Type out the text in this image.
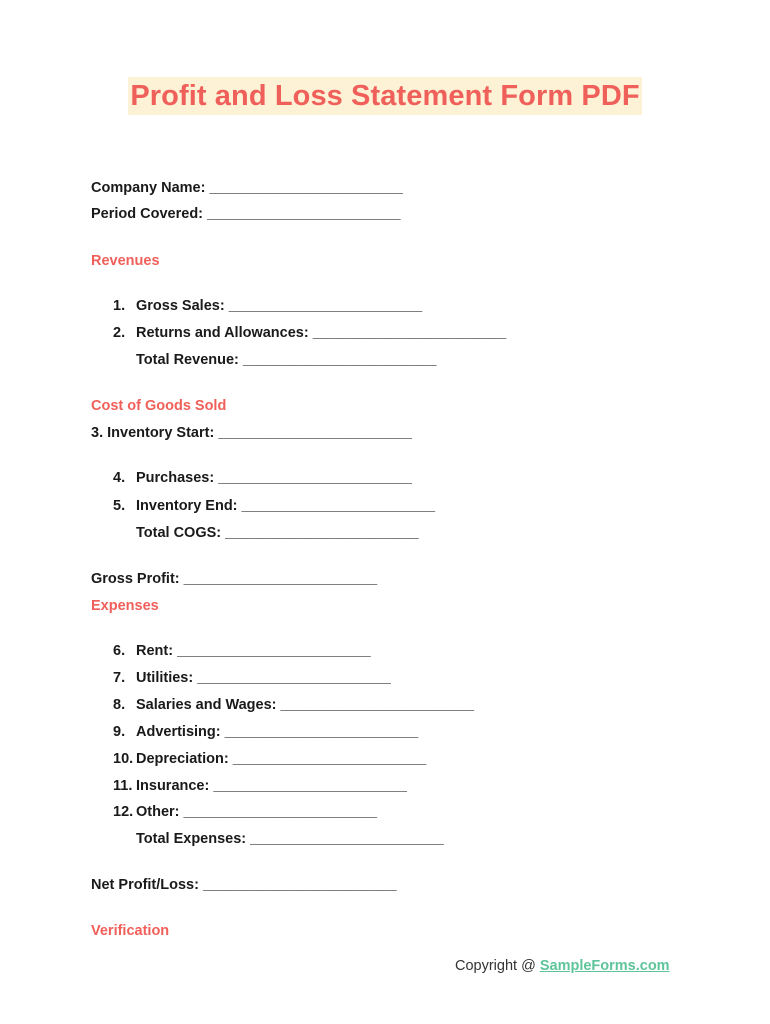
Profit and Loss Statement Form PDF
Company Name: ________________________
Period Covered: ________________________
Revenues
1. Gross Sales: ________________________
2. Returns and Allowances: ________________________
Total Revenue: ________________________
Cost of Goods Sold
3. Inventory Start: ________________________
4. Purchases: ________________________
5. Inventory End: ________________________
Total COGS: ________________________
Gross Profit: ________________________
Expenses
6. Rent: ________________________
7. Utilities: ________________________
8. Salaries and Wages: ________________________
9. Advertising: ________________________
10. Depreciation: ________________________
11. Insurance: ________________________
12. Other: ________________________
Total Expenses: ________________________
Net Profit/Loss: ________________________
Verification
Copyright @ SampleForms.com
